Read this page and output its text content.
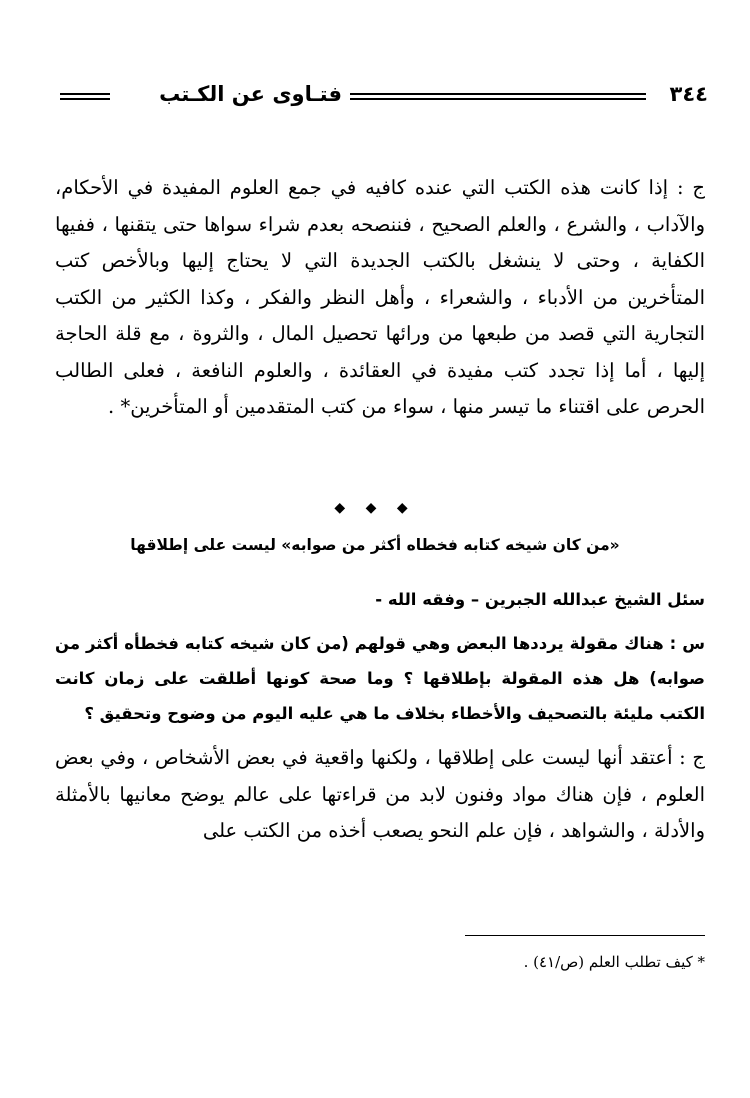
٣٤٤
فتـاوى عن الكـتب

ج : إذا كانت هذه الكتب التي عنده كافيه في جمع العلوم المفيدة في الأحكام، والآداب ، والشرع ، والعلم الصحيح ، فننصحه بعدم شراء سواها حتى يتقنها ، ففيها الكفاية ، وحتى لا ينشغل بالكتب الجديدة التي لا يحتاج إليها وبالأخص كتب المتأخرين من الأدباء ، والشعراء ، وأهل النظر والفكر ، وكذا الكثير من الكتب التجارية التي قصد من طبعها من ورائها تحصيل المال ، والثروة ، مع قلة الحاجة إليها ، أما إذا تجدد كتب مفيدة في العقائدة ، والعلوم النافعة ، فعلى الطالب الحرص على اقتناء ما تيسر منها ، سواء من كتب المتقدمين أو المتأخرين* .

◆ ◆ ◆
«من كان شيخه كتابه فخطاه أكثر من صوابه» ليست على إطلاقها
سئل الشيخ عبدالله الجبرين – وفقه الله -

س : هناك مقولة يرددها البعض وهي قولهم (من كان شيخه كتابه فخطأه أكثر من صوابه) هل هذه المقولة بإطلاقها ؟ وما صحة كونها أطلقت على زمان كانت الكتب مليئة بالتصحيف والأخطاء بخلاف ما هي عليه اليوم من وضوح وتحقيق ؟

ج : أعتقد أنها ليست على إطلاقها ، ولكنها واقعية في بعض الأشخاص ، وفي بعض العلوم ، فإن هناك مواد وفنون لابد من قراءتها على عالم يوضح معانيها بالأمثلة والأدلة ، والشواهد ، فإن علم النحو يصعب أخذه من الكتب على

* كيف تطلب العلم (ص/٤١) .
